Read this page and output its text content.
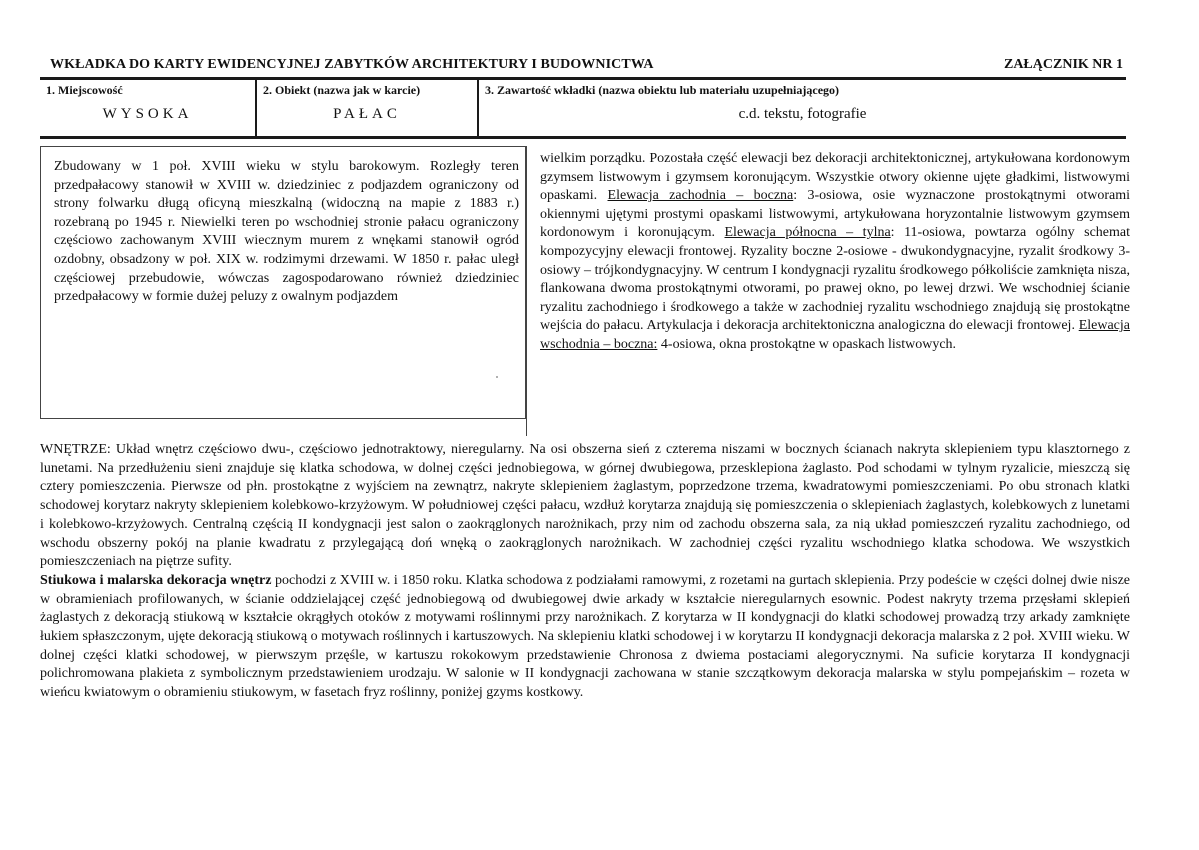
WKŁADKA DO KARTY EWIDENCYJNEJ ZABYTKÓW ARCHITEKTURY I BUDOWNICTWA	ZAŁĄCZNIK NR 1
1. Miejscowość
WYSOKA
2. Obiekt (nazwa jak w karcie)
PAŁAC
3. Zawartość wkładki (nazwa obiektu lub materiału uzupełniającego)
c.d. tekstu, fotografie
Zbudowany w 1 poł. XVIII wieku w stylu barokowym. Rozległy teren przedpałacowy stanowił w XVIII w. dziedziniec z podjazdem ograniczony od strony folwarku długą oficyną mieszkalną (widoczną na mapie z 1883 r.) rozebraną po 1945 r. Niewielki teren po wschodniej stronie pałacu ograniczony częściowo zachowanym XVIII wiecznym murem z wnękami stanowił ogród ozdobny, obsadzony w poł. XIX w. rodzimymi drzewami. W 1850 r. pałac uległ częściowej przebudowie, wówczas zagospodarowano również dziedziniec przedpałacowy w formie dużej peluzy z owalnym podjazdem
wielkim porządku. Pozostała część elewacji bez dekoracji architektonicznej, artykułowana kordonowym gzymsem listwowym i gzymsem koronującym. Wszystkie otwory okienne ujęte gładkimi, listwowymi opaskami. Elewacja zachodnia – boczna: 3-osiowa, osie wyznaczone prostokątnymi otworami okiennymi ujętymi prostymi opaskami listwowymi, artykułowana horyzontalnie listwowym gzymsem kordonowym i koronującym. Elewacja północna – tylna: 11-osiowa, powtarza ogólny schemat kompozycyjny elewacji frontowej. Ryzality boczne 2-osiowe - dwukondygnacyjne, ryzalit środkowy 3-osiowy – trójkondygnacyjny. W centrum I kondygnacji ryzalitu środkowego półkoliście zamknięta nisza, flankowana dwoma prostokątnymi otworami, po prawej okno, po lewej drzwi. We wschodniej ścianie ryzalitu zachodniego i środkowego a także w zachodniej ryzalitu wschodniego znajdują się prostokątne wejścia do pałacu. Artykulacja i dekoracja architektoniczna analogiczna do elewacji frontowej. Elewacja wschodnia – boczna: 4-osiowa, okna prostokątne w opaskach listwowych.
WNĘTRZE: Układ wnętrz częściowo dwu-, częściowo jednotraktowy, nieregularny. Na osi obszerna sień z czterema niszami w bocznych ścianach nakryta sklepieniem typu klasztornego z lunetami. Na przedłużeniu sieni znajduje się klatka schodowa, w dolnej części jednobiegowa, w górnej dwubiegowa, przesklepiona żaglasto. Pod schodami w tylnym ryzalicie, mieszczą się cztery pomieszczenia. Pierwsze od płn. prostokątne z wyjściem na zewnątrz, nakryte sklepieniem żaglastym, poprzedzone trzema, kwadratowymi pomieszczeniami. Po obu stronach klatki schodowej korytarz nakryty sklepieniem kolebkowo-krzyżowym. W południowej części pałacu, wzdłuż korytarza znajdują się pomieszczenia o sklepieniach żaglastych, kolebkowych z lunetami i kolebkowo-krzyżowych. Centralną częścią II kondygnacji jest salon o zaokrąglonych narożnikach, przy nim od zachodu obszerna sala, za nią układ pomieszczeń ryzalitu zachodniego, od wschodu obszerny pokój na planie kwadratu z przylegającą doń wnęką o zaokrąglonych narożnikach. W zachodniej części ryzalitu wschodniego klatka schodowa. We wszystkich pomieszczeniach na piętrze sufity.
Stiukowa i malarska dekoracja wnętrz pochodzi z XVIII w. i 1850 roku. Klatka schodowa z podziałami ramowymi, z rozetami na gurtach sklepienia. Przy podeście w części dolnej dwie nisze w obramieniach profilowanych, w ścianie oddzielającej część jednobiegową od dwubiegowej dwie arkady w kształcie nieregularnych esownic. Podest nakryty trzema przęsłami sklepień żaglastych z dekoracją stiukową w kształcie okrągłych otoków z motywami roślinnymi przy narożnikach. Z korytarza w II kondygnacji do klatki schodowej prowadzą trzy arkady zamknięte łukiem spłaszczonym, ujęte dekoracją stiukową o motywach roślinnych i kartuszowych. Na sklepieniu klatki schodowej i w korytarzu II kondygnacji dekoracja malarska z 2 poł. XVIII wieku. W dolnej części klatki schodowej, w pierwszym przęśle, w kartuszu rokokowym przedstawienie Chronosa z dwiema postaciami alegorycznymi. Na suficie korytarza II kondygnacji polichromowana plakieta z symbolicznym przedstawieniem urodzaju. W salonie w II kondygnacji zachowana w stanie szczątkowym dekoracja malarska w stylu pompejańskim – rozeta w wieńcu kwiatowym o obramieniu stiukowym, w fasetach fryz roślinny, poniżej gzyms kostkowy.
